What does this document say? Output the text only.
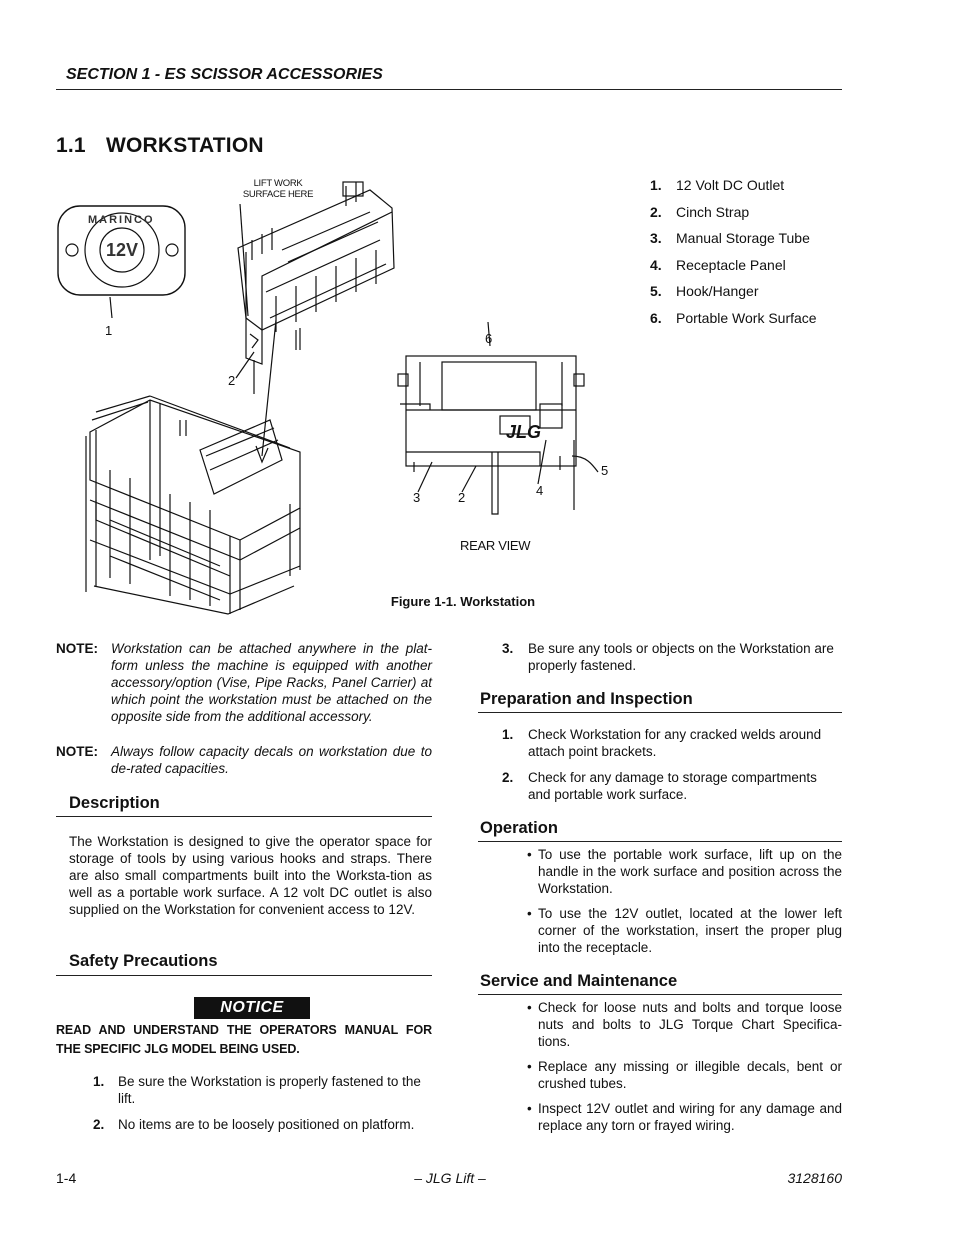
SECTION 1 - ES SCISSOR ACCESSORIES
1.1 WORKSTATION
MARINCO
12V
JLG
LIFT WORK
SURFACE HERE
1
2
6
5
3	2	4
REAR VIEW
1. 12 Volt DC Outlet
2. Cinch Strap
3. Manual Storage Tube
4. Receptacle Panel
5. Hook/Hanger
6. Portable Work Surface
Figure 1-1. Workstation
NOTE: Workstation can be attached anywhere in the plat-form unless the machine is equipped with another accessory/option (Vise, Pipe Racks, Panel Carrier) at which point the workstation must be attached on the opposite side from the additional accessory.
NOTE: Always follow capacity decals on workstation due to de-rated capacities.
Description
The Workstation is designed to give the operator space for storage of tools by using various hooks and straps. There are also small compartments built into the Worksta-tion as well as a portable work surface. A 12 volt DC outlet is also supplied on the Workstation for convenient access to 12V.
Safety Precautions
NOTICE
READ AND UNDERSTAND THE OPERATORS MANUAL FOR THE SPECIFIC JLG MODEL BEING USED.
1.	Be sure the Workstation is properly fastened to the lift.
2.	No items are to be loosely positioned on platform.
3.	Be sure any tools or objects on the Workstation are properly fastened.
Preparation and Inspection
1.	Check Workstation for any cracked welds around attach point brackets.
2.	Check for any damage to storage compartments and portable work surface.
Operation
• To use the portable work surface, lift up on the handle in the work surface and position across the Workstation.
• To use the 12V outlet, located at the lower left corner of the workstation, insert the proper plug into the receptacle.
Service and Maintenance
• Check for loose nuts and bolts and torque loose nuts and bolts to JLG Torque Chart Specifica-tions.
• Replace any missing or illegible decals, bent or crushed tubes.
• Inspect 12V outlet and wiring for any damage and replace any torn or frayed wiring.
1-4	– JLG Lift –	3128160
